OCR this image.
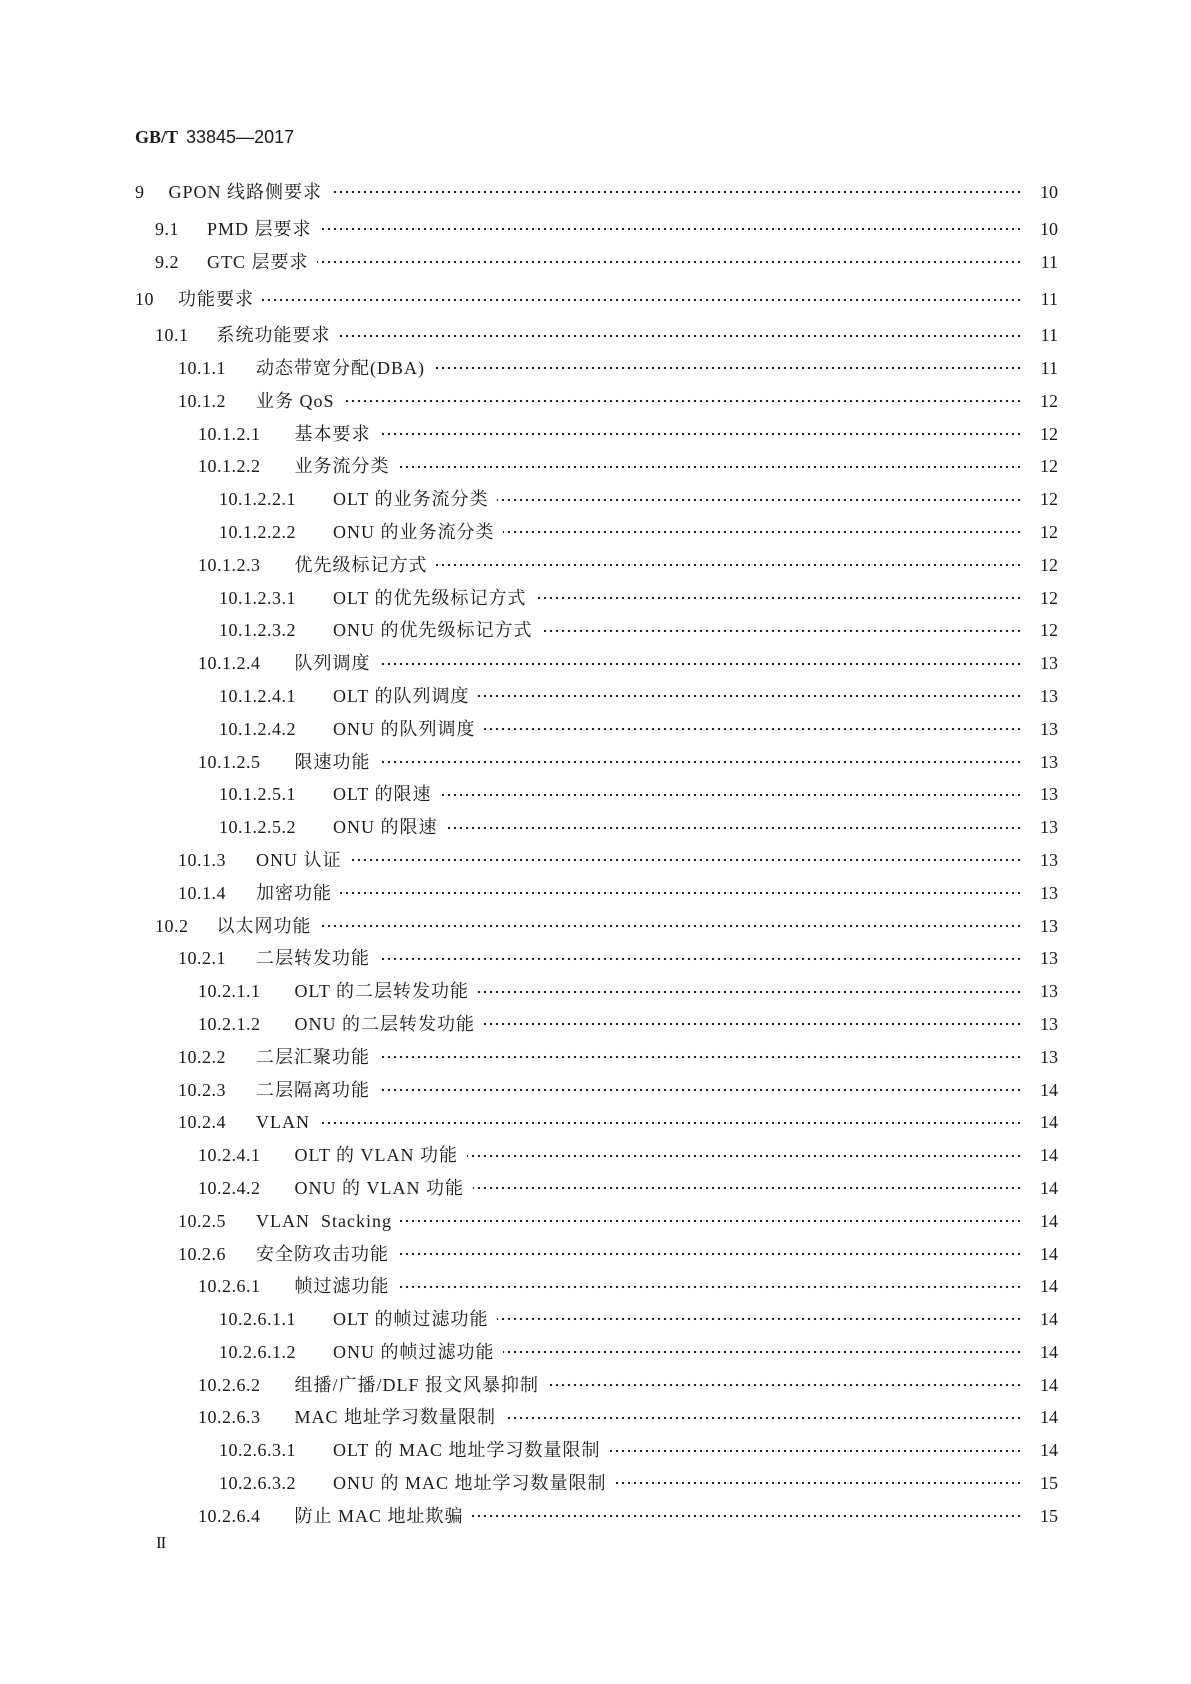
GB/T 33845—2017
9 GPON 线路侧要求	10
9.1 PMD 层要求	10
9.2 GTC 层要求	11
10 功能要求	11
10.1 系统功能要求	11
10.1.1 动态带宽分配(DBA)	11
10.1.2 业务 QoS	12
10.1.2.1 基本要求	12
10.1.2.2 业务流分类	12
10.1.2.2.1 OLT 的业务流分类	12
10.1.2.2.2 ONU 的业务流分类	12
10.1.2.3 优先级标记方式	12
10.1.2.3.1 OLT 的优先级标记方式	12
10.1.2.3.2 ONU 的优先级标记方式	12
10.1.2.4 队列调度	13
10.1.2.4.1 OLT 的队列调度	13
10.1.2.4.2 ONU 的队列调度	13
10.1.2.5 限速功能	13
10.1.2.5.1 OLT 的限速	13
10.1.2.5.2 ONU 的限速	13
10.1.3 ONU 认证	13
10.1.4 加密功能	13
10.2 以太网功能	13
10.2.1 二层转发功能	13
10.2.1.1 OLT 的二层转发功能	13
10.2.1.2 ONU 的二层转发功能	13
10.2.2 二层汇聚功能	13
10.2.3 二层隔离功能	14
10.2.4 VLAN	14
10.2.4.1 OLT 的 VLAN 功能	14
10.2.4.2 ONU 的 VLAN 功能	14
10.2.5 VLAN  Stacking	14
10.2.6 安全防攻击功能	14
10.2.6.1 帧过滤功能	14
10.2.6.1.1 OLT 的帧过滤功能	14
10.2.6.1.2 ONU 的帧过滤功能	14
10.2.6.2 组播/广播/DLF 报文风暴抑制	14
10.2.6.3 MAC 地址学习数量限制	14
10.2.6.3.1 OLT 的 MAC 地址学习数量限制	14
10.2.6.3.2 ONU 的 MAC 地址学习数量限制	15
10.2.6.4 防止 MAC 地址欺骗	15
II
